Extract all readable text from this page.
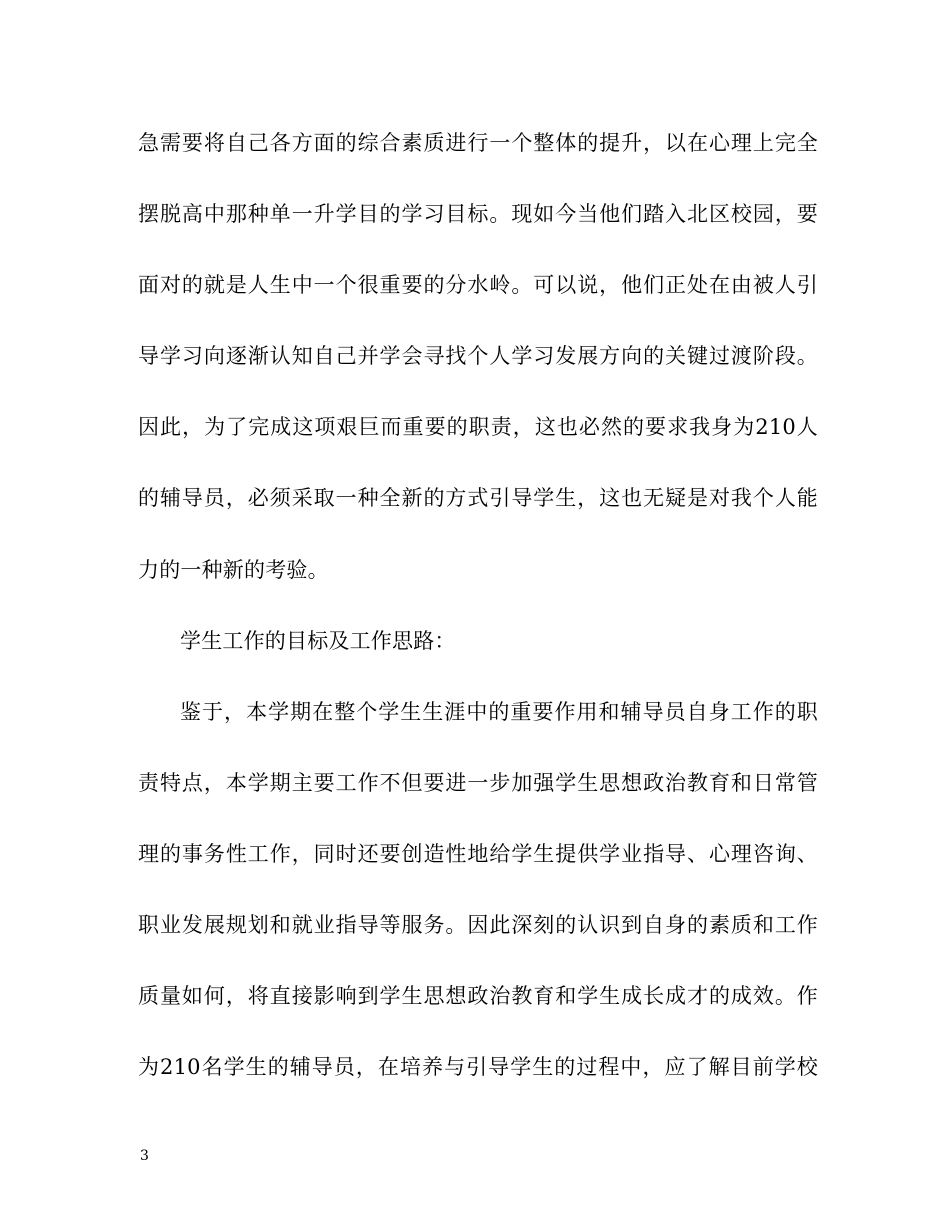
急需要将自己各方面的综合素质进行一个整体的提升，以在心理上完全
摆脱高中那种单一升学目的学习目标。现如今当他们踏入北区校园，要
面对的就是人生中一个很重要的分水岭。可以说，他们正处在由被人引
导学习向逐渐认知自己并学会寻找个人学习发展方向的关键过渡阶段。
因此，为了完成这项艰巨而重要的职责，这也必然的要求我身为210人
的辅导员，必须采取一种全新的方式引导学生，这也无疑是对我个人能
力的一种新的考验。
学生工作的目标及工作思路：
鉴于，本学期在整个学生生涯中的重要作用和辅导员自身工作的职
责特点，本学期主要工作不但要进一步加强学生思想政治教育和日常管
理的事务性工作，同时还要创造性地给学生提供学业指导、心理咨询、
职业发展规划和就业指导等服务。因此深刻的认识到自身的素质和工作
质量如何，将直接影响到学生思想政治教育和学生成长成才的成效。作
为210名学生的辅导员，在培养与引导学生的过程中，应了解目前学校
3
